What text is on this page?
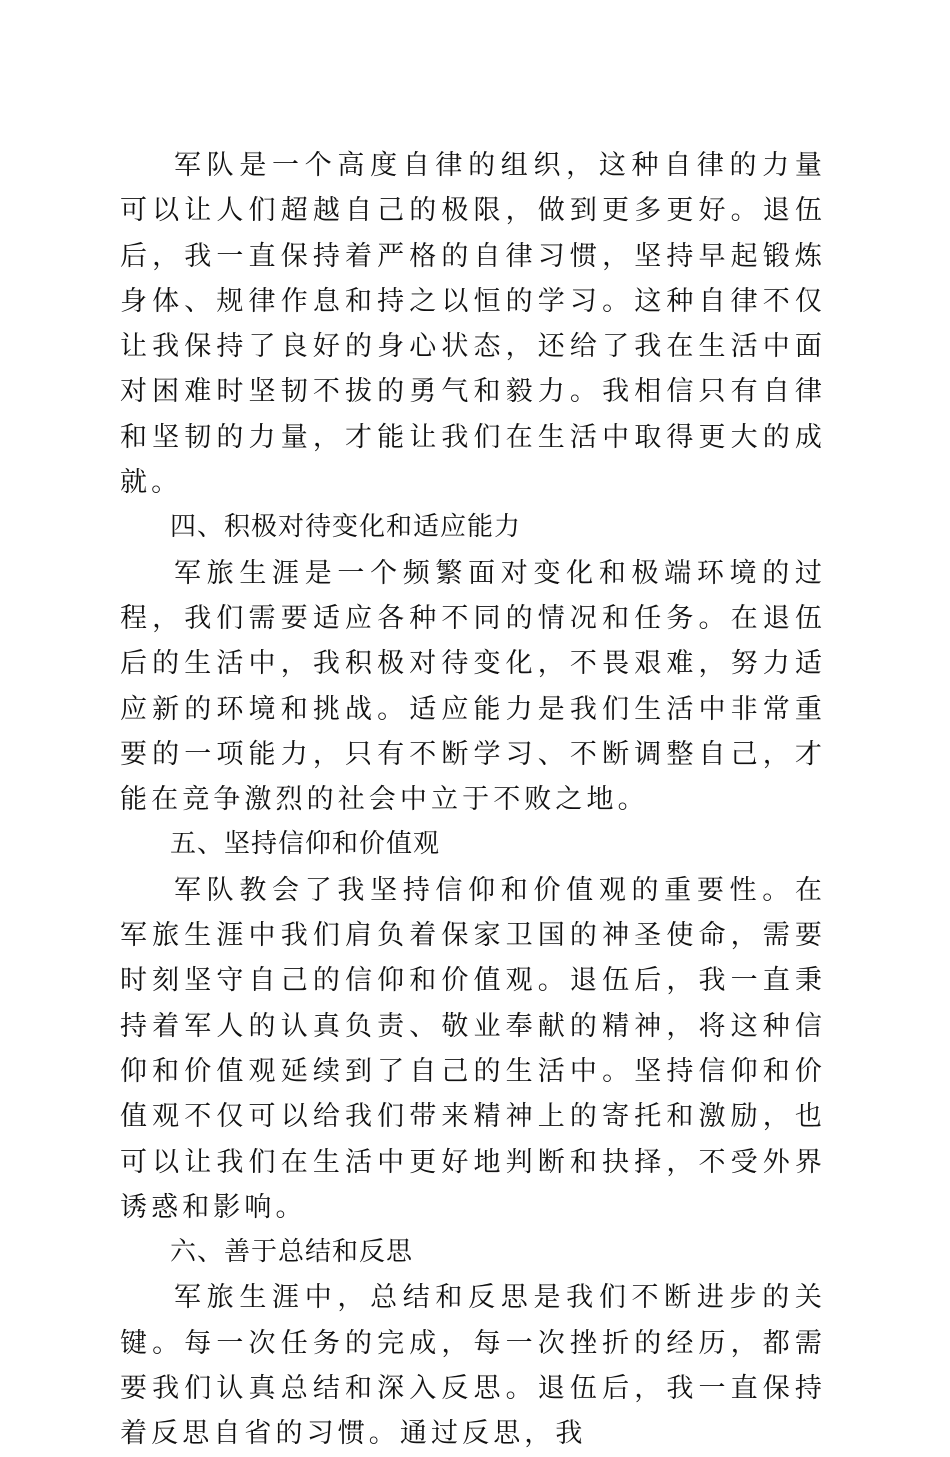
军队是一个高度自律的组织，这种自律的力量可以让人们超越自己的极限，做到更多更好。退伍后，我一直保持着严格的自律习惯，坚持早起锻炼身体、规律作息和持之以恒的学习。这种自律不仅让我保持了良好的身心状态，还给了我在生活中面对困难时坚韧不拔的勇气和毅力。我相信只有自律和坚韧的力量，才能让我们在生活中取得更大的成就。

四、积极对待变化和适应能力

军旅生涯是一个频繁面对变化和极端环境的过程，我们需要适应各种不同的情况和任务。在退伍后的生活中，我积极对待变化，不畏艰难，努力适应新的环境和挑战。适应能力是我们生活中非常重要的一项能力，只有不断学习、不断调整自己，才能在竞争激烈的社会中立于不败之地。

五、坚持信仰和价值观

军队教会了我坚持信仰和价值观的重要性。在军旅生涯中我们肩负着保家卫国的神圣使命，需要时刻坚守自己的信仰和价值观。退伍后，我一直秉持着军人的认真负责、敬业奉献的精神，将这种信仰和价值观延续到了自己的生活中。坚持信仰和价值观不仅可以给我们带来精神上的寄托和激励，也可以让我们在生活中更好地判断和抉择，不受外界诱惑和影响。

六、善于总结和反思

军旅生涯中，总结和反思是我们不断进步的关键。每一次任务的完成，每一次挫折的经历，都需要我们认真总结和深入反思。退伍后，我一直保持着反思自省的习惯。通过反思，我
